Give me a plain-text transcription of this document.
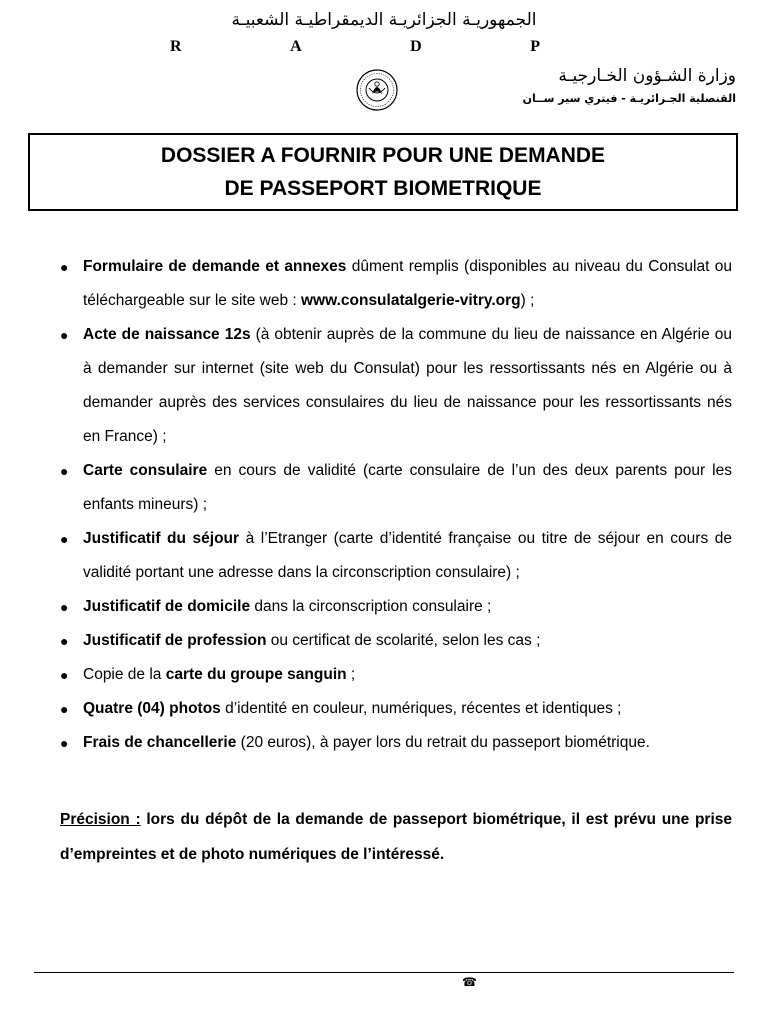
الجمهوريـة الجزائريـة الديمقراطيـة الشعبيـة
R	A	D	P
وزارة الشـؤون الخـارجيـة
القنصلية الجـزائريـة - فيتري سير ســان
DOSSIER A FOURNIR POUR UNE DEMANDE
DE PASSEPORT BIOMETRIQUE
● Formulaire de demande et annexes dûment remplis (disponibles au niveau du Consulat ou téléchargeable sur le site web : www.consulatalgerie-vitry.org) ;
● Acte de naissance 12s (à obtenir auprès de la commune du lieu de naissance en Algérie ou à demander sur internet (site web du Consulat) pour les ressortissants nés en Algérie ou à demander auprès des services consulaires du lieu de naissance pour les ressortissants nés en France) ;
● Carte consulaire en cours de validité (carte consulaire de l’un des deux parents pour les enfants mineurs) ;
● Justificatif du séjour à l’Etranger (carte d’identité française ou titre de séjour en cours de validité portant une adresse dans la circonscription consulaire) ;
● Justificatif de domicile dans la circonscription consulaire ;
● Justificatif de profession ou certificat de scolarité, selon les cas ;
● Copie de la carte du groupe sanguin ;
● Quatre (04) photos d’identité en couleur, numériques, récentes et identiques ;
● Frais de chancellerie (20 euros), à payer lors du retrait du passeport biométrique.
Précision : lors du dépôt de la demande de passeport biométrique, il est prévu une prise d’empreintes et de photo numériques de l’intéressé.
☎
